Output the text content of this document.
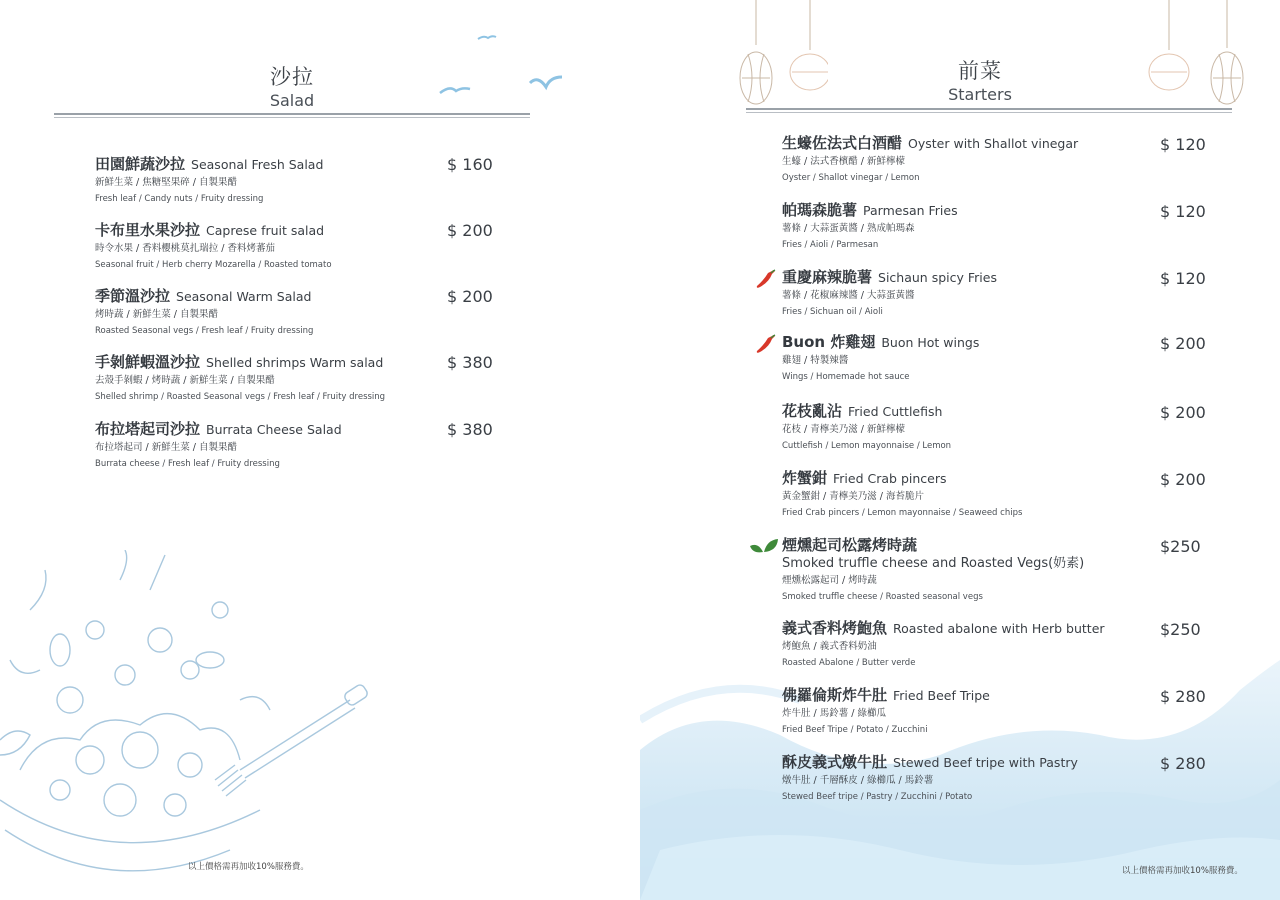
沙拉
Salad
田園鮮蔬沙拉 Seasonal Fresh Salad
新鮮生菜 / 焦糖堅果碎 / 自製果醋
Fresh leaf / Candy nuts / Fruity dressing
$ 160
卡布里水果沙拉 Caprese fruit salad
時令水果 / 香料櫻桃莫扎瑞拉 / 香料烤蕃茄
Seasonal fruit / Herb cherry Mozarella / Roasted tomato
$ 200
季節溫沙拉 Seasonal Warm Salad
烤時蔬 / 新鮮生菜 / 自製果醋
Roasted Seasonal vegs / Fresh leaf / Fruity dressing
$ 200
手剝鮮蝦溫沙拉 Shelled shrimps Warm salad
去殼手剝蝦 / 烤時蔬 / 新鮮生菜 / 自製果醋
Shelled shrimp / Roasted Seasonal vegs / Fresh leaf / Fruity dressing
$ 380
布拉塔起司沙拉 Burrata Cheese Salad
布拉塔起司 / 新鮮生菜 / 自製果醋
Burrata cheese / Fresh leaf / Fruity dressing
$ 380
以上價格需再加收10%服務費。
前菜
Starters
生蠔佐法式白酒醋 Oyster with Shallot vinegar
生蠔 / 法式香檳醋 / 新鮮檸檬
Oyster / Shallot vinegar / Lemon
$ 120
帕瑪森脆薯 Parmesan Fries
薯條 / 大蒜蛋黃醬 / 熟成帕瑪森
Fries / Aioli / Parmesan
$ 120
重慶麻辣脆薯 Sichaun spicy Fries
薯條 / 花椒麻辣醬 / 大蒜蛋黃醬
Fries / Sichuan oil / Aioli
$ 120
Buon 炸雞翅 Buon Hot wings
雞翅 / 特製辣醬
Wings / Homemade hot sauce
$ 200
花枝亂沾 Fried Cuttlefish
花枝 / 青檸美乃滋 / 新鮮檸檬
Cuttlefish / Lemon mayonnaise / Lemon
$ 200
炸蟹鉗 Fried Crab pincers
黃金蟹鉗 / 青檸美乃滋 / 海苔脆片
Fried Crab pincers / Lemon mayonnaise / Seaweed chips
$ 200
煙燻起司松露烤時蔬
Smoked truffle cheese and Roasted Vegs(奶素)
煙燻松露起司 / 烤時蔬
Smoked truffle cheese / Roasted seasonal vegs
$250
義式香料烤鮑魚 Roasted abalone with Herb butter
烤鮑魚 / 義式香料奶油
Roasted Abalone / Butter verde
$250
佛羅倫斯炸牛肚 Fried Beef Tripe
炸牛肚 / 馬鈴薯 / 綠櫛瓜
Fried Beef Tripe / Potato / Zucchini
$ 280
酥皮義式燉牛肚 Stewed Beef tripe with Pastry
燉牛肚 / 千層酥皮 / 綠櫛瓜 / 馬鈴薯
Stewed Beef tripe / Pastry / Zucchini / Potato
$ 280
以上價格需再加收10%服務費。
